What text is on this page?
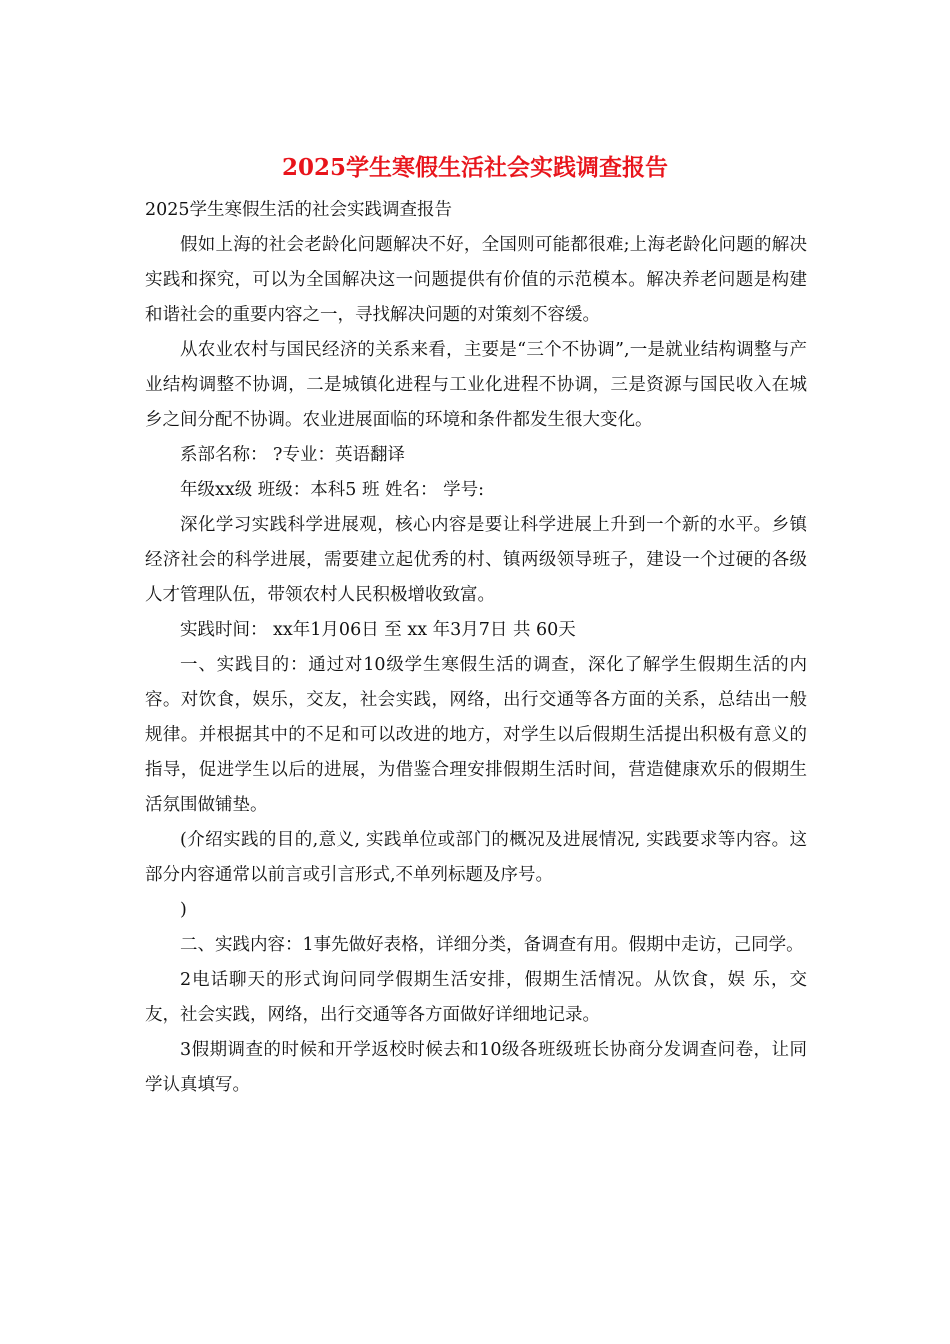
2025学生寒假生活社会实践调查报告

2025学生寒假生活的社会实践调查报告

假如上海的社会老龄化问题解决不好，全国则可能都很难;上海老龄化问题的解决实践和探究，可以为全国解决这一问题提供有价值的示范模本。解决养老问题是构建和谐社会的重要内容之一，寻找解决问题的对策刻不容缓。

从农业农村与国民经济的关系来看，主要是“三个不协调”,一是就业结构调整与产业结构调整不协调，二是城镇化进程与工业化进程不协调，三是资源与国民收入在城乡之间分配不协调。农业进展面临的环境和条件都发生很大变化。

系部名称： ?专业：英语翻译

年级xx级 班级：本科5 班 姓名： 学号:

深化学习实践科学进展观，核心内容是要让科学进展上升到一个新的水平。乡镇经济社会的科学进展，需要建立起优秀的村、镇两级领导班子，建设一个过硬的各级人才管理队伍，带领农村人民积极增收致富。

实践时间： xx年1月06日 至 xx 年3月7日 共 60天

一、实践目的：通过对10级学生寒假生活的调查，深化了解学生假期生活的内容。对饮食，娱乐，交友，社会实践，网络，出行交通等各方面的关系，总结出一般规律。并根据其中的不足和可以改进的地方，对学生以后假期生活提出积极有意义的指导，促进学生以后的进展，为借鉴合理安排假期生活时间，营造健康欢乐的假期生活氛围做铺垫。

(介绍实践的目的,意义, 实践单位或部门的概况及进展情况, 实践要求等内容。这部分内容通常以前言或引言形式,不单列标题及序号。

)

二、实践内容：1事先做好表格，详细分类，备调查有用。假期中走访，己同学。

2电话聊天的形式询问同学假期生活安排，假期生活情况。从饮食，娱 乐，交友，社会实践，网络，出行交通等各方面做好详细地记录。

3假期调查的时候和开学返校时候去和10级各班级班长协商分发调查问卷，让同学认真填写。
